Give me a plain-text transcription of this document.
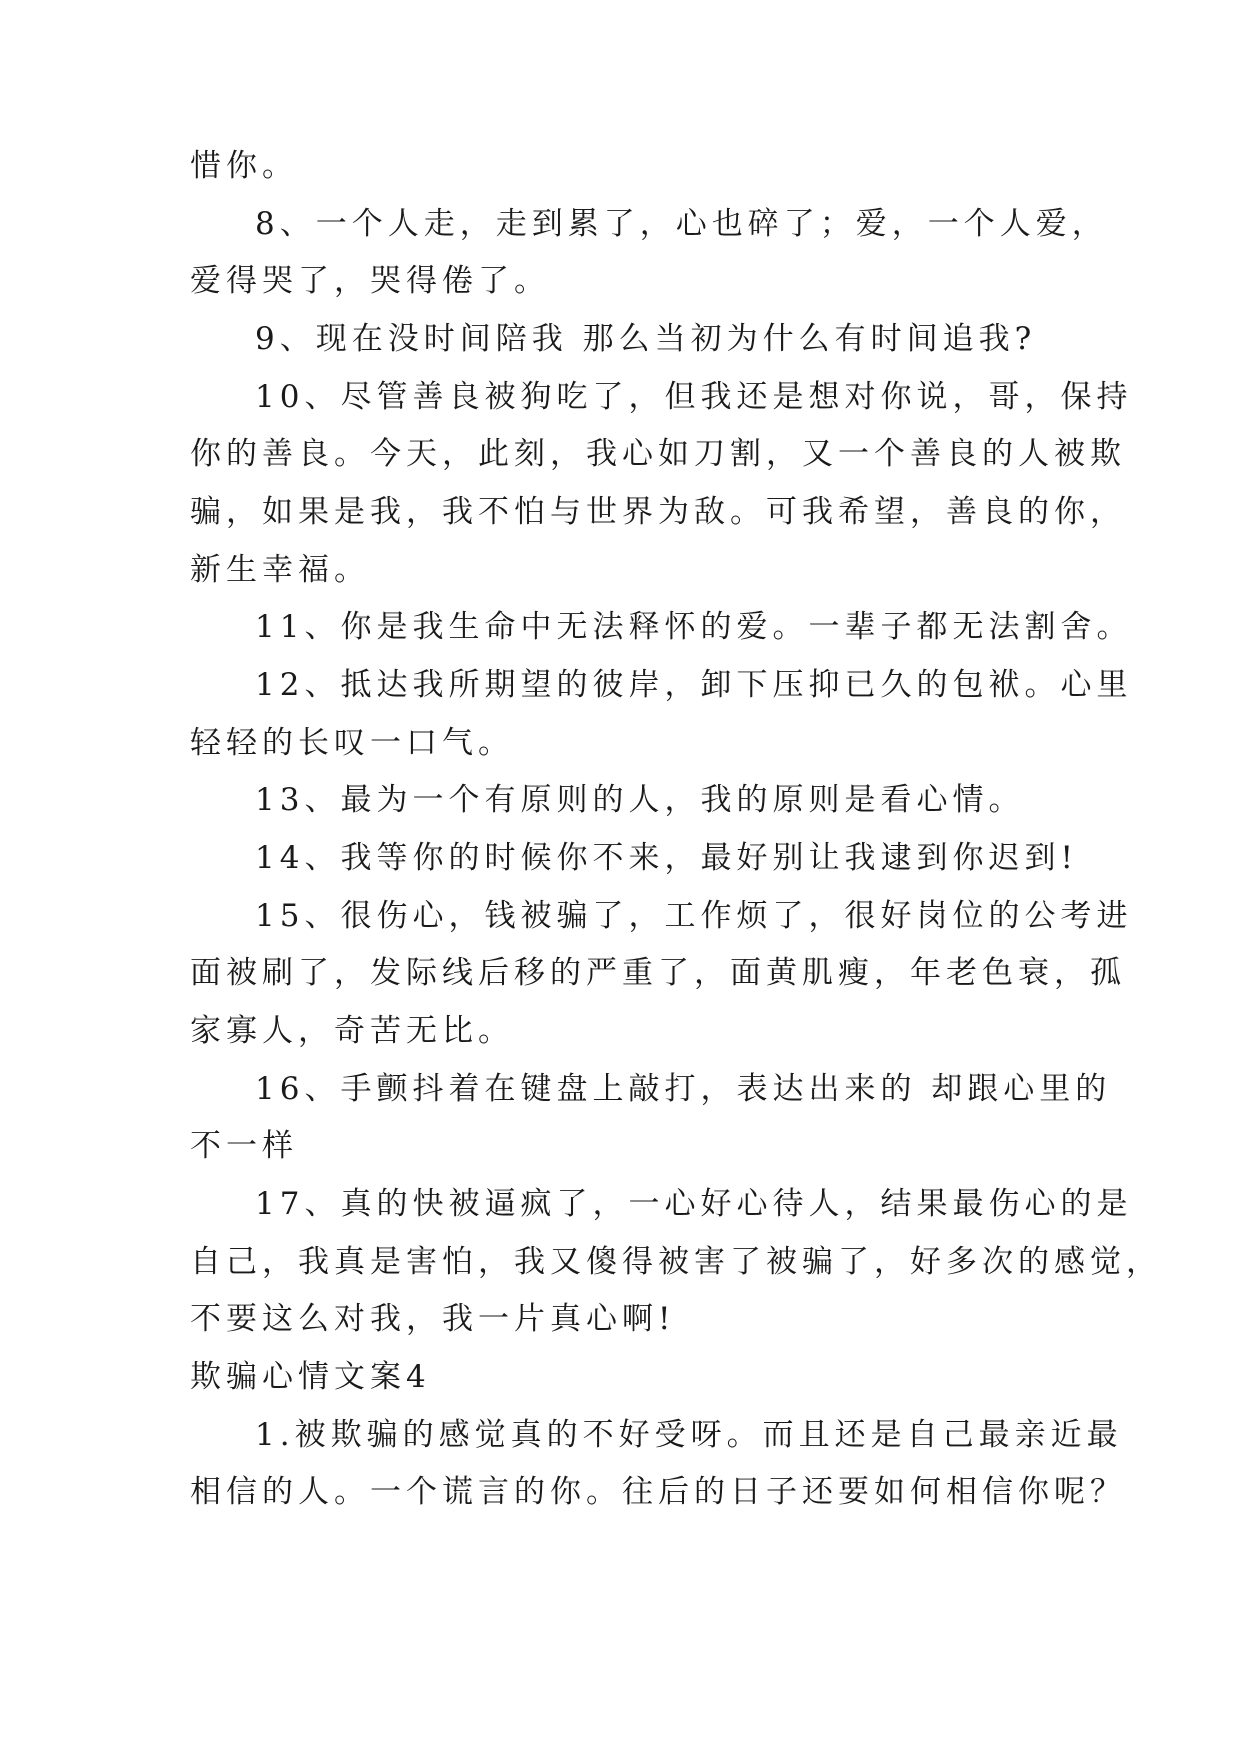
惜你。
8、一个人走，走到累了，心也碎了；爱，一个人爱，
爱得哭了，哭得倦了。
9、现在没时间陪我 那么当初为什么有时间追我?
10、尽管善良被狗吃了，但我还是想对你说，哥，保持
你的善良。今天，此刻，我心如刀割，又一个善良的人被欺
骗，如果是我，我不怕与世界为敌。可我希望，善良的你，
新生幸福。
11、你是我生命中无法释怀的爱。一辈子都无法割舍。
12、抵达我所期望的彼岸，卸下压抑已久的包袱。心里
轻轻的长叹一口气。
13、最为一个有原则的人，我的原则是看心情。
14、我等你的时候你不来，最好别让我逮到你迟到!
15、很伤心，钱被骗了，工作烦了，很好岗位的公考进
面被刷了，发际线后移的严重了，面黄肌瘦，年老色衰，孤
家寡人，奇苦无比。
16、手颤抖着在键盘上敲打，表达出来的 却跟心里的
不一样
17、真的快被逼疯了，一心好心待人，结果最伤心的是
自己，我真是害怕，我又傻得被害了被骗了，好多次的感觉，
不要这么对我，我一片真心啊!
欺骗心情文案4
1.被欺骗的感觉真的不好受呀。而且还是自己最亲近最
相信的人。一个谎言的你。往后的日子还要如何相信你呢？
